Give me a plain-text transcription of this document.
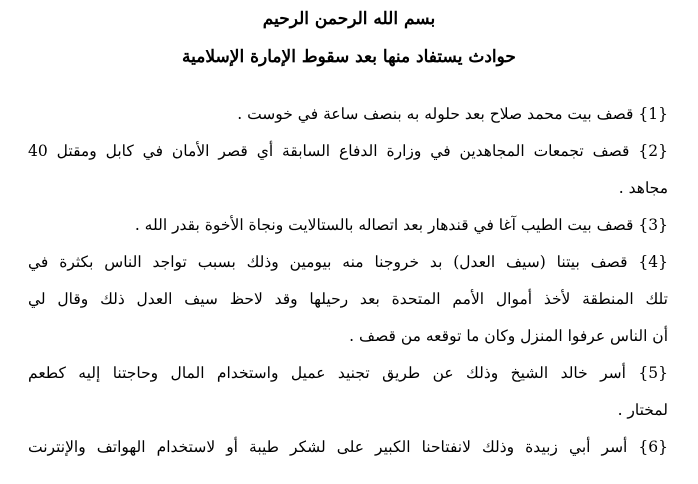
بسم الله الرحمن الرحيم
حوادث يستفاد منها بعد سقوط الإمارة الإسلامية
{1} قصف بيت محمد صلاح بعد حلوله به بنصف ساعة في خوست .
{2} قصف تجمعات المجاهدين في وزارة الدفاع السابقة أي قصر الأمان في كابل ومقتل 40
مجاهد .
{3} قصف بيت الطيب آغا في قندهار بعد اتصاله بالستالايت ونجاة الأخوة بقدر الله .
{4} قصف بيتنا (سيف العدل) بد خروجنا منه بيومين وذلك بسبب تواجد الناس بكثرة في
تلك المنطقة لأخذ أموال الأمم المتحدة بعد رحيلها وقد لاحظ سيف العدل ذلك وقال لي
أن الناس عرفوا المنزل وكان ما توقعه من قصف .
{5} أسر خالد الشيخ وذلك عن طريق تجنيد عميل واستخدام المال وحاجتنا إليه كطعم
لمختار .
{6} أسر أبي زبيدة وذلك لانفتاحنا الكبير على لشكر طيبة أو لاستخدام الهواتف والإنترنت
